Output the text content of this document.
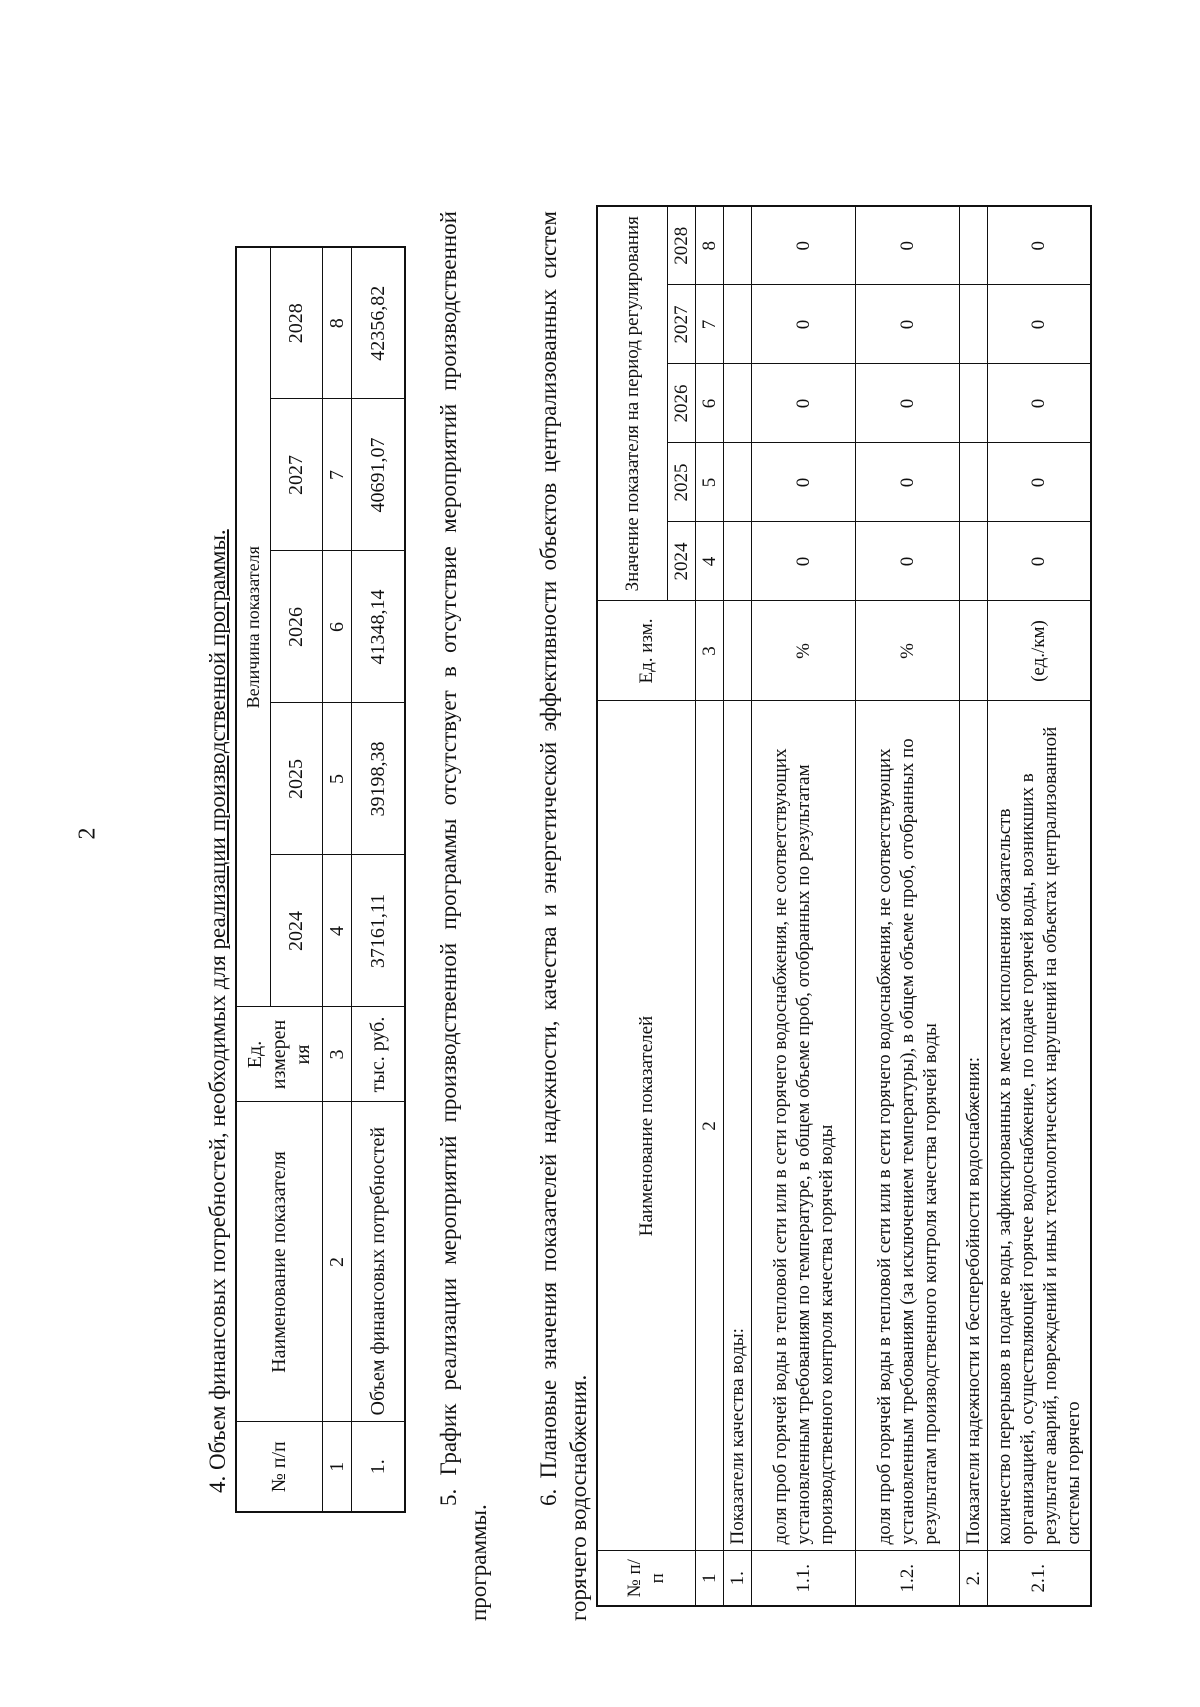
2
4. Объем финансовых потребностей, необходимых для реализации производственной программы.
№ п/п	Наименование показателя	Ед. измерен ия	Величина показателя				
			2024	2025	2026	2027	2028
1	2	3	4	5	6	7	8
1.	Объем финансовых потребностей	тыс. руб.	37161,11	39198,38	41348,14	40691,07	42356,82 5. График реализации мероприятий производственной программы отсутствует в отсутствие мероприятий производственной программы.
6. Плановые значения показателей надежности, качества и энергетической эффективности объектов централизованных систем горячего водоснабжения. № п/п	Наименование показателей	Ед. изм.	Значение показателя на период регулирования				
			2024	2025	2026	2027	2028
1	2	3	4	5	6	7	8
1.	Показатели качества воды:						
1.1.	доля проб горячей воды в тепловой сети или в сети горячего водоснабжения, не соответствующих установленным требованиям по температуре, в общем объеме проб, отобранных по результатам производственного контроля качества горячей воды	%	0	0	0	0	0
1.2.	доля проб горячей воды в тепловой сети или в сети горячего водоснабжения, не соответствующих установленным требованиям (за исключением температуры), в общем объеме проб, отобранных по результатам производственного контроля качества горячей воды	%	0	0	0	0	0
2.	Показатели надежности и бесперебойности водоснабжения:						
2.1.	количество перерывов в подаче воды, зафиксированных в местах исполнения обязательств организацией, осуществляющей горячее водоснабжение, по подаче горячей воды, возникших в результате аварий, повреждений и иных технологических нарушений на объектах централизованной системы горячего	(ед./км)	0	0	0	0	0
